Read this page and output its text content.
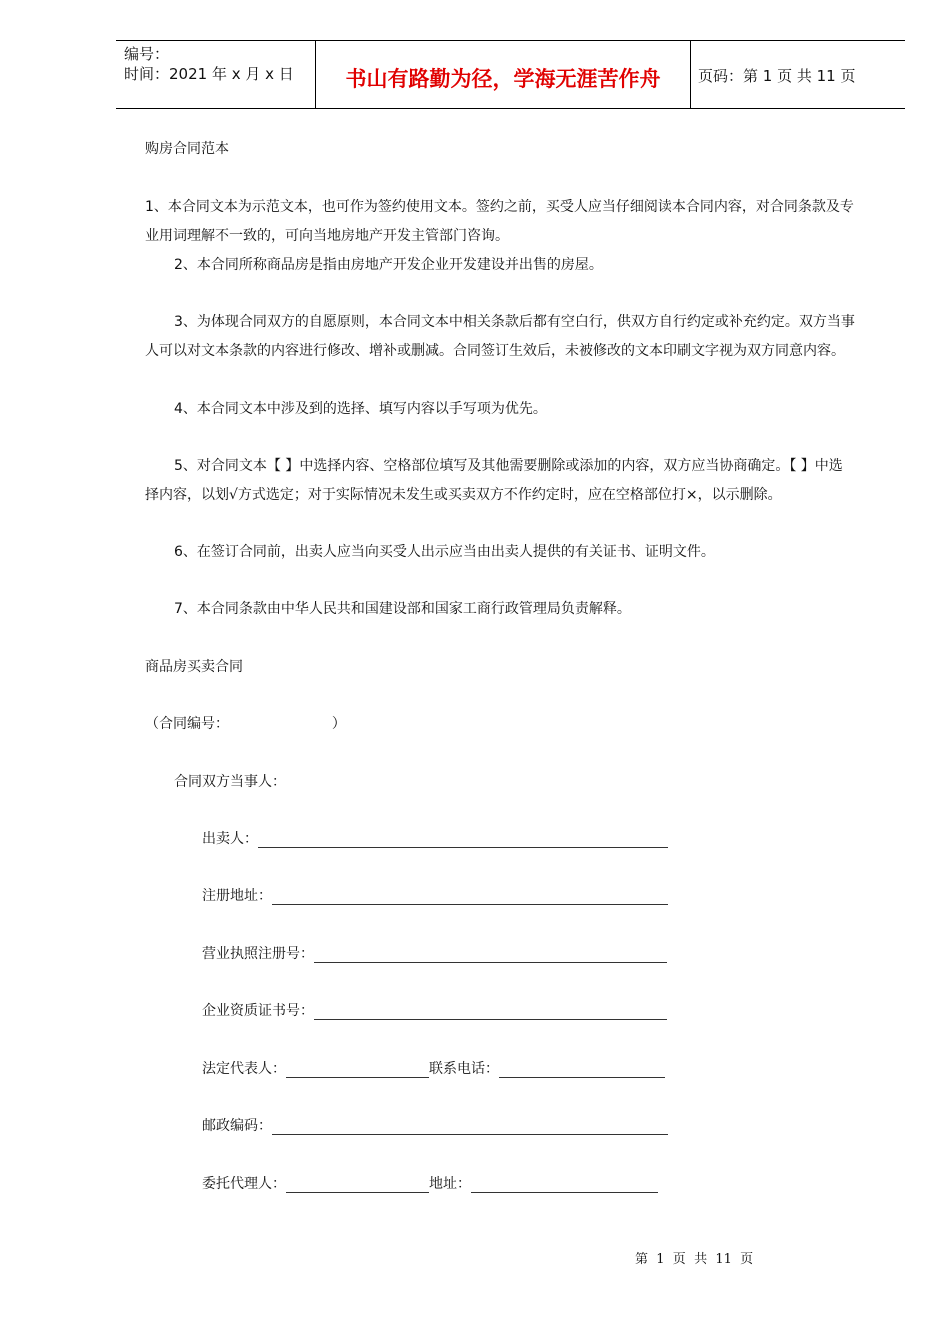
编号：
时间：2021 年 x 月 x 日	书山有路勤为径，学海无涯苦作舟	页码：第 1 页 共 11 页
购房合同范本
1、本合同文本为示范文本，也可作为签约使用文本。签约之前，买受人应当仔细阅读本合同内容，对合同条款及专
业用词理解不一致的，可向当地房地产开发主管部门咨询。
2、本合同所称商品房是指由房地产开发企业开发建设并出售的房屋。
3、为体现合同双方的自愿原则，本合同文本中相关条款后都有空白行，供双方自行约定或补充约定。双方当事
人可以对文本条款的内容进行修改、增补或删减。合同签订生效后，未被修改的文本印刷文字视为双方同意内容。
4、本合同文本中涉及到的选择、填写内容以手写项为优先。
5、对合同文本【 】中选择内容、空格部位填写及其他需要删除或添加的内容，双方应当协商确定。【 】中选
择内容，以划√方式选定；对于实际情况未发生或买卖双方不作约定时，应在空格部位打×，以示删除。
6、在签订合同前，出卖人应当向买受人出示应当由出卖人提供的有关证书、证明文件。
7、本合同条款由中华人民共和国建设部和国家工商行政管理局负责解释。
商品房买卖合同
（合同编号：	）
合同双方当事人：
出卖人：
注册地址：
营业执照注册号：
企业资质证书号：
法定代表人：	联系电话：
邮政编码：
委托代理人：	地址：
第  1  页  共  11  页
